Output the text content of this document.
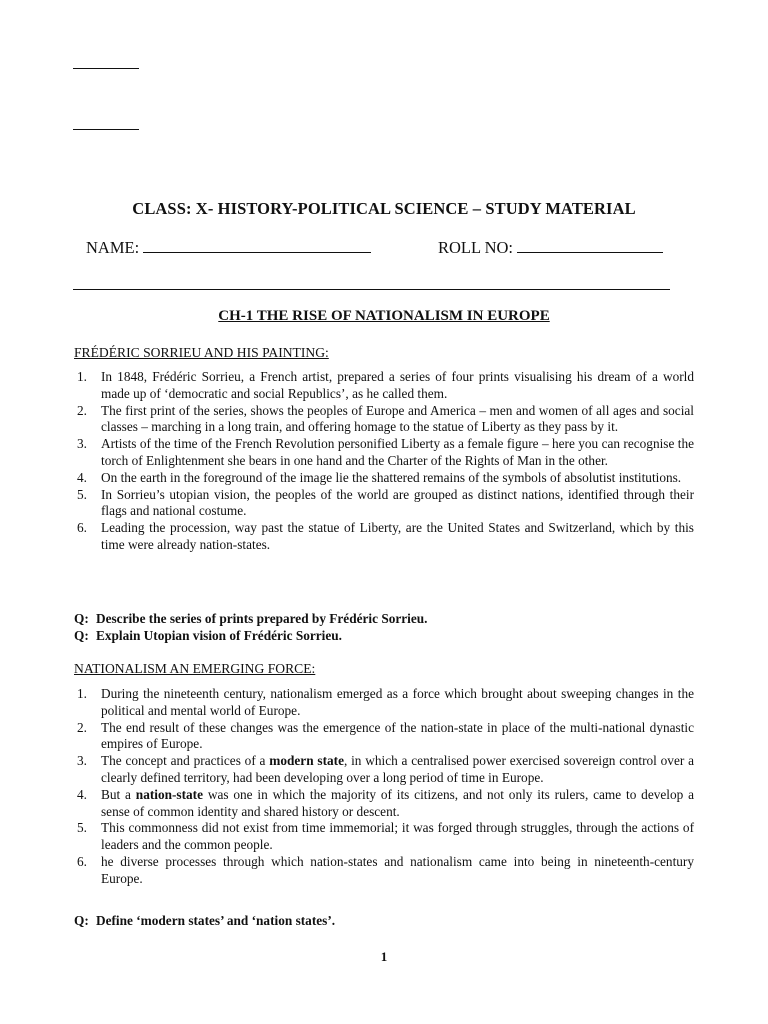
CLASS: X- HISTORY-POLITICAL SCIENCE – STUDY MATERIAL
NAME:	ROLL NO:
CH-1 THE RISE OF NATIONALISM IN EUROPE
FRÉDÉRIC SORRIEU AND HIS PAINTING:
1. In 1848, Frédéric Sorrieu, a French artist, prepared a series of four prints visualising his dream of a world made up of ‘democratic and social Republics’, as he called them.
2. The first print of the series, shows the peoples of Europe and America – men and women of all ages and social classes – marching in a long train, and offering homage to the statue of Liberty as they pass by it.
3. Artists of the time of the French Revolution personified Liberty as a female figure – here you can recognise the torch of Enlightenment she bears in one hand and the Charter of the Rights of Man in the other.
4. On the earth in the foreground of the image lie the shattered remains of the symbols of absolutist institutions.
5. In Sorrieu’s utopian vision, the peoples of the world are grouped as distinct nations, identified through their flags and national costume.
6. Leading the procession, way past the statue of Liberty, are the United States and Switzerland, which by this time were already nation-states.
Q: Describe the series of prints prepared by Frédéric Sorrieu.
Q: Explain Utopian vision of Frédéric Sorrieu.
NATIONALISM AN EMERGING FORCE:
1. During the nineteenth century, nationalism emerged as a force which brought about sweeping changes in the political and mental world of Europe.
2. The end result of these changes was the emergence of the nation-state in place of the multi-national dynastic empires of Europe.
3. The concept and practices of a modern state, in which a centralised power exercised sovereign control over a clearly defined territory, had been developing over a long period of time in Europe.
4. But a nation-state was one in which the majority of its citizens, and not only its rulers, came to develop a sense of common identity and shared history or descent.
5. This commonness did not exist from time immemorial; it was forged through struggles, through the actions of leaders and the common people.
6. he diverse processes through which nation-states and nationalism came into being in nineteenth-century Europe.
Q: Define ‘modern states’ and ‘nation states’.
1
